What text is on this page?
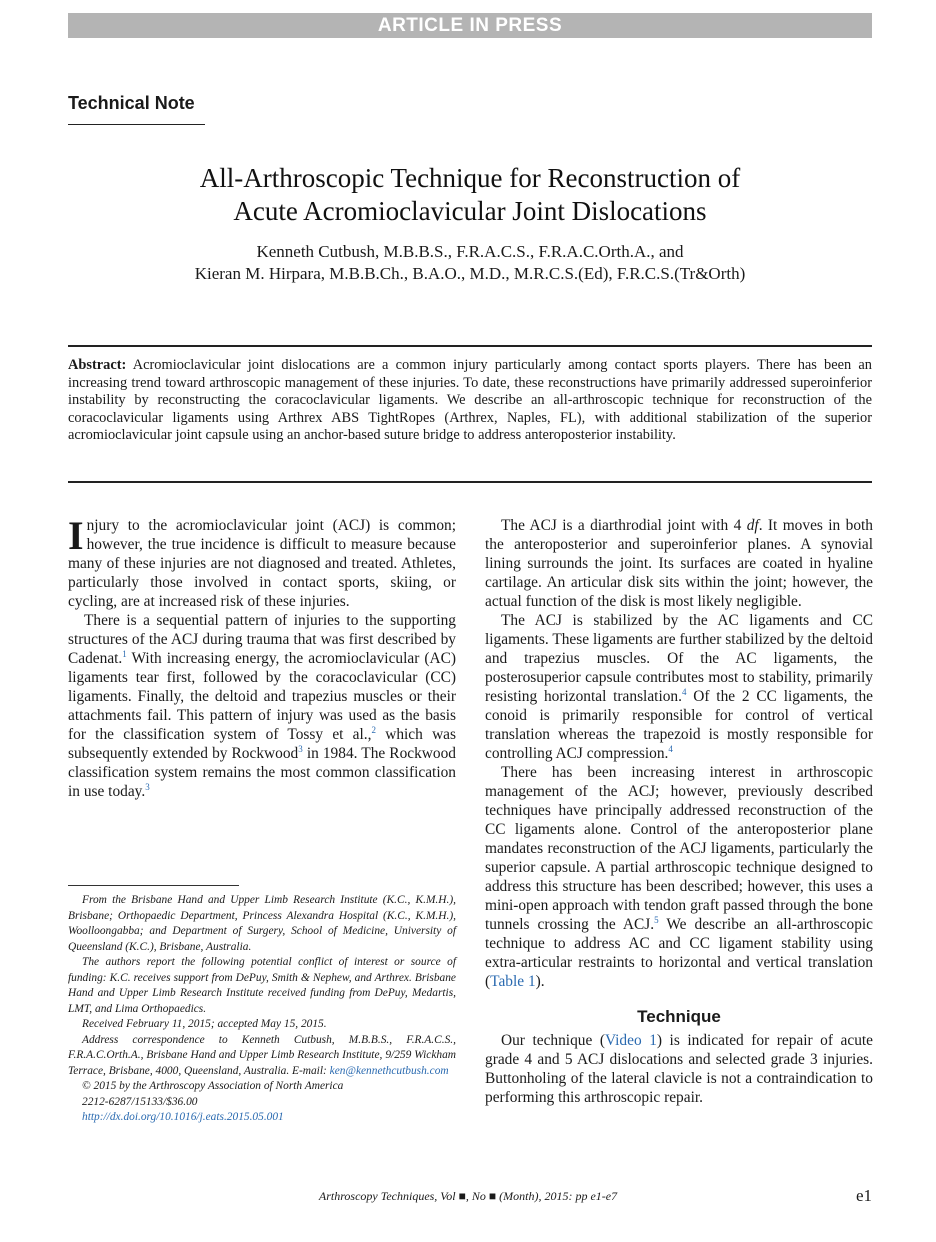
ARTICLE IN PRESS
Technical Note
All-Arthroscopic Technique for Reconstruction of
Acute Acromioclavicular Joint Dislocations
Kenneth Cutbush, M.B.B.S., F.R.A.C.S., F.R.A.C.Orth.A., and
Kieran M. Hirpara, M.B.B.Ch., B.A.O., M.D., M.R.C.S.(Ed), F.R.C.S.(Tr&Orth)
Abstract: Acromioclavicular joint dislocations are a common injury particularly among contact sports players. There has been an increasing trend toward arthroscopic management of these injuries. To date, these reconstructions have primarily addressed superoinferior instability by reconstructing the coracoclavicular ligaments. We describe an all-arthroscopic technique for reconstruction of the coracoclavicular ligaments using Arthrex ABS TightRopes (Arthrex, Naples, FL), with additional stabilization of the superior acromioclavicular joint capsule using an anchor-based suture bridge to address anteroposterior instability.

Injury to the acromioclavicular joint (ACJ) is common; however, the true incidence is difficult to measure because many of these injuries are not diagnosed and treated. Athletes, particularly those involved in contact sports, skiing, or cycling, are at increased risk of these injuries.

There is a sequential pattern of injuries to the supporting structures of the ACJ during trauma that was first described by Cadenat.$^1$ With increasing energy, the acromioclavicular (AC) ligaments tear first, followed by the coracoclavicular (CC) ligaments. Finally, the deltoid and trapezius muscles or their attachments fail. This pattern of injury was used as the basis for the classification system of Tossy et al.,$^2$ which was subsequently extended by Rockwood$^3$ in 1984. The Rockwood classification system remains the most common classification in use today.$^3$

From the Brisbane Hand and Upper Limb Research Institute (K.C., K.M.H.), Brisbane; Orthopaedic Department, Princess Alexandra Hospital (K.C., K.M.H.), Woolloongabba; and Department of Surgery, School of Medicine, University of Queensland (K.C.), Brisbane, Australia.

The authors report the following potential conflict of interest or source of funding: K.C. receives support from DePuy, Smith & Nephew, and Arthrex. Brisbane Hand and Upper Limb Research Institute received funding from DePuy, Medartis, LMT, and Lima Orthopaedics.

Received February 11, 2015; accepted May 15, 2015.

Address correspondence to Kenneth Cutbush, M.B.B.S., F.R.A.C.S., F.R.A.C.Orth.A., Brisbane Hand and Upper Limb Research Institute, 9/259 Wickham Terrace, Brisbane, 4000, Queensland, Australia. E-mail: ken@kennethcutbush.com

© 2015 by the Arthroscopy Association of North America

2212-6287/15133/$36.00

http://dx.doi.org/10.1016/j.eats.2015.05.001

The ACJ is a diarthrodial joint with 4 df. It moves in both the anteroposterior and superoinferior planes. A synovial lining surrounds the joint. Its surfaces are coated in hyaline cartilage. An articular disk sits within the joint; however, the actual function of the disk is most likely negligible.

The ACJ is stabilized by the AC ligaments and CC ligaments. These ligaments are further stabilized by the deltoid and trapezius muscles. Of the AC ligaments, the posterosuperior capsule contributes most to stability, primarily resisting horizontal translation.$^4$ Of the 2 CC ligaments, the conoid is primarily responsible for control of vertical translation whereas the trapezoid is mostly responsible for controlling ACJ compression.$^4$

There has been increasing interest in arthroscopic management of the ACJ; however, previously described techniques have principally addressed reconstruction of the CC ligaments alone. Control of the anteroposterior plane mandates reconstruction of the ACJ ligaments, particularly the superior capsule. A partial arthroscopic technique designed to address this structure has been described; however, this uses a mini-open approach with tendon graft passed through the bone tunnels crossing the ACJ.$^5$ We describe an all-arthroscopic technique to address AC and CC ligament stability using extra-articular restraints to horizontal and vertical translation (Table 1).

Technique

Our technique (Video 1) is indicated for repair of acute grade 4 and 5 ACJ dislocations and selected grade 3 injuries. Buttonholing of the lateral clavicle is not a contraindication to performing this arthroscopic repair.

Arthroscopy Techniques, Vol ■, No ■ (Month), 2015: pp e1-e7	e1
